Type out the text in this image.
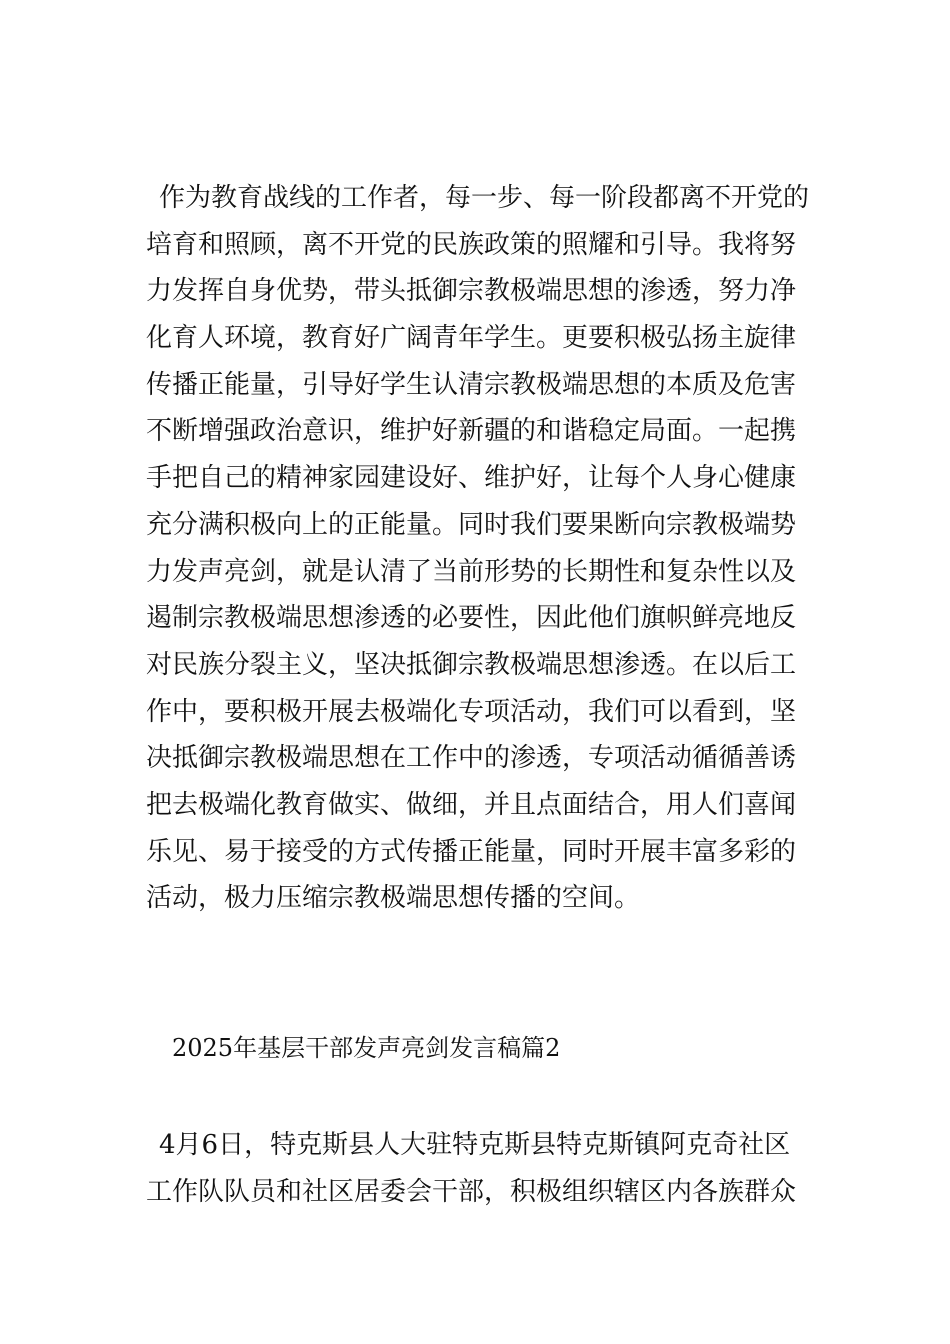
作为教育战线的工作者，每一步、每一阶段都离不开党的
培育和照顾，离不开党的民族政策的照耀和引导。我将努
力发挥自身优势，带头抵御宗教极端思想的渗透，努力净
化育人环境，教育好广阔青年学生。更要积极弘扬主旋律
传播正能量，引导好学生认清宗教极端思想的本质及危害
不断增强政治意识，维护好新疆的和谐稳定局面。一起携
手把自己的精神家园建设好、维护好，让每个人身心健康
充分满积极向上的正能量。同时我们要果断向宗教极端势
力发声亮剑，就是认清了当前形势的长期性和复杂性以及
遏制宗教极端思想渗透的必要性，因此他们旗帜鲜亮地反
对民族分裂主义，坚决抵御宗教极端思想渗透。在以后工
作中，要积极开展去极端化专项活动，我们可以看到，坚
决抵御宗教极端思想在工作中的渗透，专项活动循循善诱
把去极端化教育做实、做细，并且点面结合，用人们喜闻
乐见、易于接受的方式传播正能量，同时开展丰富多彩的
活动，极力压缩宗教极端思想传播的空间。
2025年基层干部发声亮剑发言稿篇2
4月6日，特克斯县人大驻特克斯县特克斯镇阿克奇社区
工作队队员和社区居委会干部，积极组织辖区内各族群众
